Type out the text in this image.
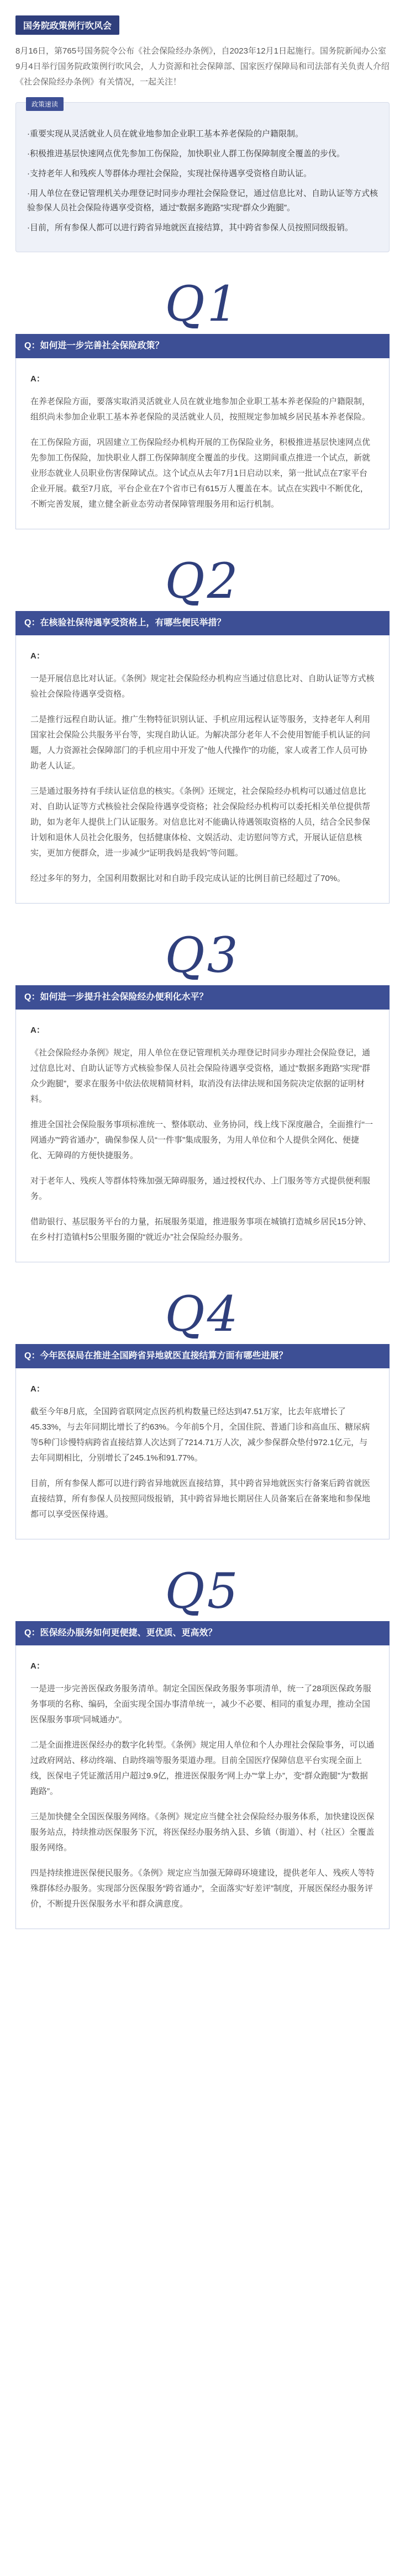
国务院政策例行吹风会

8月16日，第765号国务院令公布《社会保险经办条例》，自2023年12月1日起施行。国务院新闻办公室9月4日举行国务院政策例行吹风会，人力资源和社会保障部、国家医疗保障局和司法部有关负责人介绍《社会保险经办条例》有关情况，一起关注！

政策速读
·重要实现从灵活就业人员在就业地参加企业职工基本养老保险的户籍限制。
·积极推进基层快速网点优先参加工伤保险，加快职业人群工伤保障制度全覆盖的步伐。
·支持老年人和残疾人等群体办理社会保险，实现社保待遇享受资格自助认证。
·用人单位在登记管理机关办理登记时同步办理社会保险登记，通过信息比对、自助认证等方式核验参保人员社会保险待遇享受资格，通过“数据多跑路”实现“群众少跑腿”。
·目前，所有参保人都可以进行跨省异地就医直接结算，其中跨省参保人员按照同级报销。
Q1
Q：如何进一步完善社会保险政策？
A：

在养老保险方面，要落实取消灵活就业人员在就业地参加企业职工基本养老保险的户籍限制，组织尚未参加企业职工基本养老保险的灵活就业人员，按照规定参加城乡居民基本养老保险。

在工伤保险方面，巩固建立工伤保险经办机构开展的工伤保险业务，积极推进基层快速网点优先参加工伤保险，加快职业人群工伤保障制度全覆盖的步伐。这期间重点推进一个试点，新就业形态就业人员职业伤害保障试点。这个试点从去年7月1日启动以来，第一批试点在7家平台企业开展。截至7月底，平台企业在7个省市已有615万人覆盖在本。试点在实践中不断优化，不断完善发展，建立健全新业态劳动者保障管理服务用和运行机制。

Q2
Q：在核验社保待遇享受资格上，有哪些便民举措？
A：

一是开展信息比对认证。《条例》规定社会保险经办机构应当通过信息比对、自助认证等方式核验社会保险待遇享受资格。

二是推行远程自助认证。推广生物特征识别认证、手机应用远程认证等服务，支持老年人利用国家社会保险公共服务平台等，实现自助认证。为解决部分老年人不会使用智能手机认证的问题，人力资源社会保障部门的手机应用中开发了“他人代操作”的功能，家人或者工作人员可协助老人认证。

三是通过服务持有手续认证信息的核实。《条例》还规定，社会保险经办机构可以通过信息比对、自助认证等方式核验社会保险待遇享受资格；社会保险经办机构可以委托相关单位提供帮助，如为老年人提供上门认证服务。对信息比对不能确认待遇领取资格的人员，结合全民参保计划和退休人员社会化服务，包括健康体检、文娱活动、走访慰问等方式，开展认证信息核实，更加方便群众，进一步减少“证明我妈是我妈”等问题。

经过多年的努力，全国利用数据比对和自助手段完成认证的比例目前已经超过了70%。

Q3
Q：如何进一步提升社会保险经办便利化水平？
A：

《社会保险经办条例》规定，用人单位在登记管理机关办理登记时同步办理社会保险登记，通过信息比对、自助认证等方式核验参保人员社会保险待遇享受资格，通过“数据多跑路”实现“群众少跑腿”，要求在服务中依法依规精简材料，取消没有法律法规和国务院决定依据的证明材料。

推进全国社会保险服务事项标准统一、整体联动、业务协同，线上线下深度融合，全面推行“一网通办”“跨省通办”，确保参保人员“一件事”集成服务，为用人单位和个人提供全网化、便捷化、无障碍的方便快捷服务。

对于老年人、残疾人等群体特殊加强无障碍服务，通过授权代办、上门服务等方式提供便利服务。

借助银行、基层服务平台的力量，拓展服务渠道，推进服务事项在城镇打造城乡居民15分钟、在乡村打造镇村5公里服务圈的“就近办”社会保险经办服务。

Q4
Q：今年医保局在推进全国跨省异地就医直接结算方面有哪些进展？
A：

截至今年8月底，全国跨省联网定点医药机构数量已经达到47.51万家，比去年底增长了45.33%，与去年同期比增长了约63%。今年前5个月，全国住院、普通门诊和高血压、糖尿病等5种门诊慢特病跨省直接结算人次达到了7214.71万人次，减少参保群众垫付972.1亿元，与去年同期相比，分别增长了245.1%和91.77%。

目前，所有参保人都可以进行跨省异地就医直接结算，其中跨省异地就医实行备案后跨省就医直接结算，所有参保人员按照同级报销，其中跨省异地长期居住人员备案后在备案地和参保地都可以享受医保待遇。

Q5
Q：医保经办服务如何更便捷、更优质、更高效？
A：

一是进一步完善医保政务服务清单。制定全国医保政务服务事项清单，统一了28项医保政务服务事项的名称、编码，全面实现全国办事清单统一，减少不必要、相同的重复办理，推动全国医保服务事项“同城通办”。

二是全面推进医保经办的数字化转型。《条例》规定用人单位和个人办理社会保险事务，可以通过政府网站、移动终端、自助终端等服务渠道办理。目前全国医疗保障信息平台实现全面上线，医保电子凭证激活用户超过9.9亿，推进医保服务“网上办”“掌上办”，变“群众跑腿”为“数据跑路”。

三是加快健全全国医保服务网络。《条例》规定应当健全社会保险经办服务体系，加快建设医保服务站点，持续推动医保服务下沉，将医保经办服务纳入县、乡镇（街道）、村（社区）全覆盖服务网络。

四是持续推进医保便民服务。《条例》规定应当加强无障碍环境建设，提供老年人、残疾人等特殊群体经办服务。实现部分医保服务“跨省通办”，全面落实“好差评”制度，开展医保经办服务评价，不断提升医保服务水平和群众满意度。
